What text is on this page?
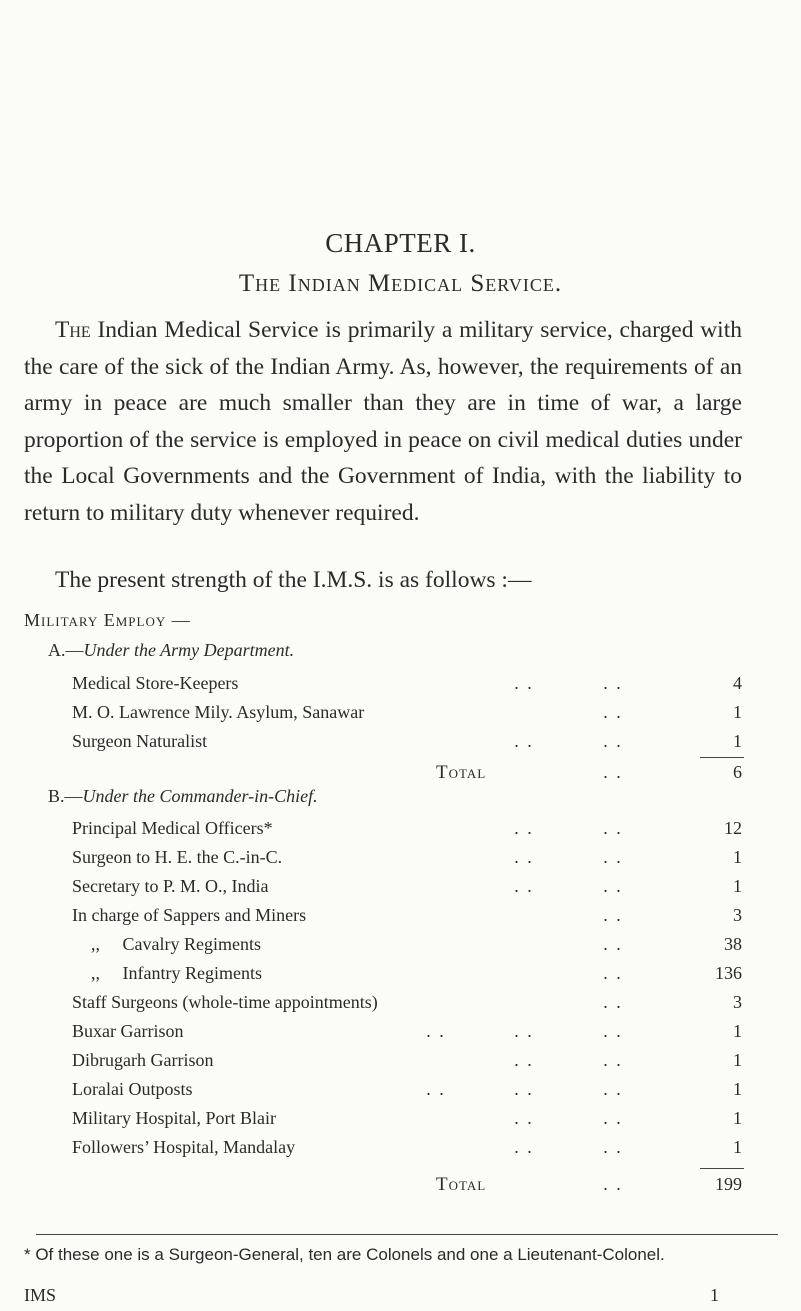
CHAPTER I.
The Indian Medical Service.

The Indian Medical Service is primarily a military service, charged with the care of the sick of the Indian Army. As, however, the requirements of an army in peace are much smaller than they are in time of war, a large proportion of the service is employed in peace on civil medical duties under the Local Governments and the Government of India, with the liability to return to military duty whenever required.

The present strength of the I.M.S. is as follows :—

Military Employ —
A.—Under the Army Department.
Medical Store-Keepers	. .	. .	4
M. O. Lawrence Mily. Asylum, Sanawar	. .	1
Surgeon Naturalist	. .	. .	1
Total	. .	6
B.—Under the Commander-in-Chief.
Principal Medical Officers*	. .	. .	12
Surgeon to H. E. the C.-in-C.	. .	. .	1
Secretary to P. M. O., India	. .	. .	1
In charge of Sappers and Miners	. .	3
,,     Cavalry Regiments	. .	38
,,     Infantry Regiments	. .	136
Staff Surgeons (whole-time appointments)	. .	3
Buxar Garrison	. .	. .	. .	1
Dibrugarh Garrison	. .	. .	1
Loralai Outposts	. .	. .	. .	1
Military Hospital, Port Blair	. .	. .	1
Followers’ Hospital, Mandalay	. .	. .	1
Total	. .	199
* Of these one is a Surgeon-General, ten are Colonels and one a Lieutenant-Colonel.
IMS	1
